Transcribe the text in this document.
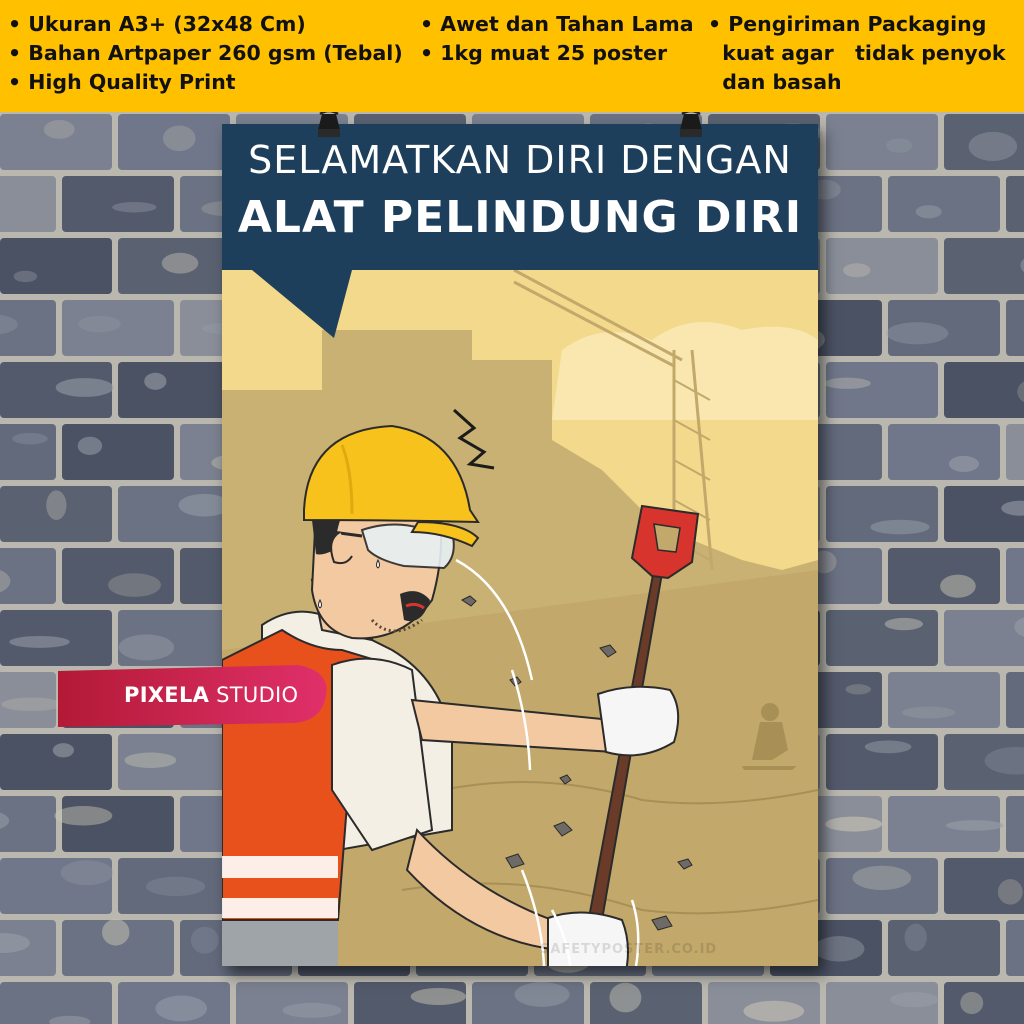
• Ukuran A3+ (32x48 Cm)
• Bahan Artpaper 260 gsm (Tebal)
• High Quality Print
• Awet dan Tahan Lama
• 1kg muat 25 poster
• Pengiriman Packaging
kuat agar   tidak penyok
dan basah
SELAMATKAN DIRI DENGAN
ALAT PELINDUNG DIRI
PIXELA STUDIO
SAFETYPOSTER.CO.ID
